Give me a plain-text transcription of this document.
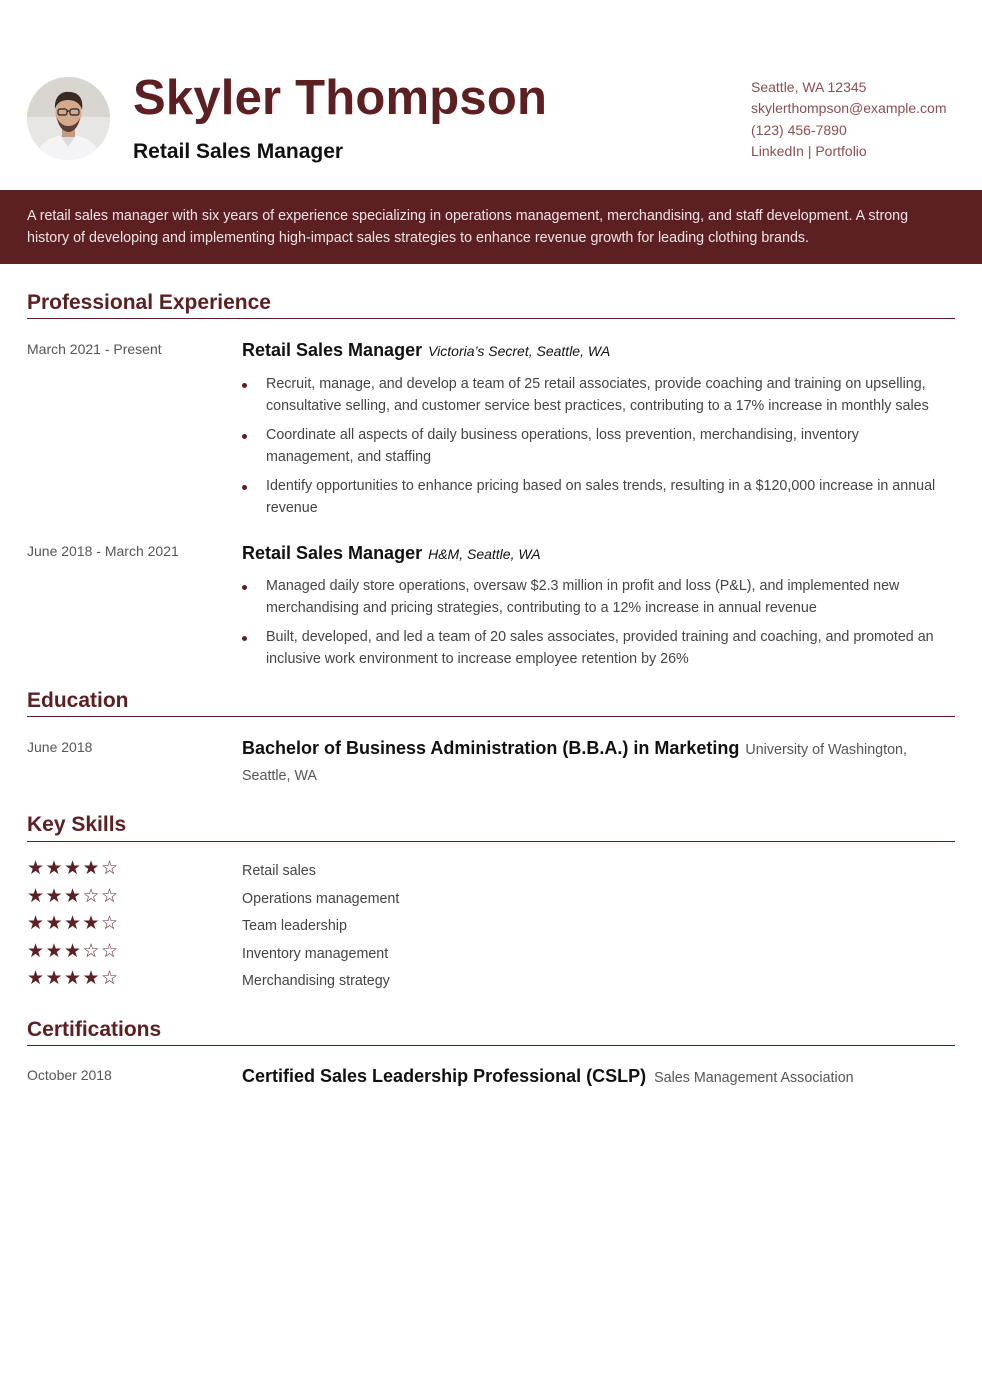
Skyler Thompson
Retail Sales Manager
Seattle, WA 12345
skylerthompson@example.com
(123) 456-7890
LinkedIn | Portfolio
A retail sales manager with six years of experience specializing in operations management, merchandising, and staff development. A strong history of developing and implementing high-impact sales strategies to enhance revenue growth for leading clothing brands.
Professional Experience
March 2021 - Present	Retail Sales Manager Victoria’s Secret, Seattle, WA
Recruit, manage, and develop a team of 25 retail associates, provide coaching and training on upselling, consultative selling, and customer service best practices, contributing to a 17% increase in monthly sales
Coordinate all aspects of daily business operations, loss prevention, merchandising, inventory management, and staffing
Identify opportunities to enhance pricing based on sales trends, resulting in a $120,000 increase in annual revenue
June 2018 - March 2021	Retail Sales Manager H&M, Seattle, WA
Managed daily store operations, oversaw $2.3 million in profit and loss (P&L), and implemented new merchandising and pricing strategies, contributing to a 12% increase in annual revenue
Built, developed, and led a team of 20 sales associates, provided training and coaching, and promoted an inclusive work environment to increase employee retention by 26%
Education
June 2018	Bachelor of Business Administration (B.B.A.) in Marketing University of Washington, Seattle, WA
Key Skills
★★★★☆	Retail sales
★★★☆☆	Operations management
★★★★☆	Team leadership
★★★☆☆	Inventory management
★★★★☆	Merchandising strategy
Certifications
October 2018	Certified Sales Leadership Professional (CSLP) Sales Management Association
